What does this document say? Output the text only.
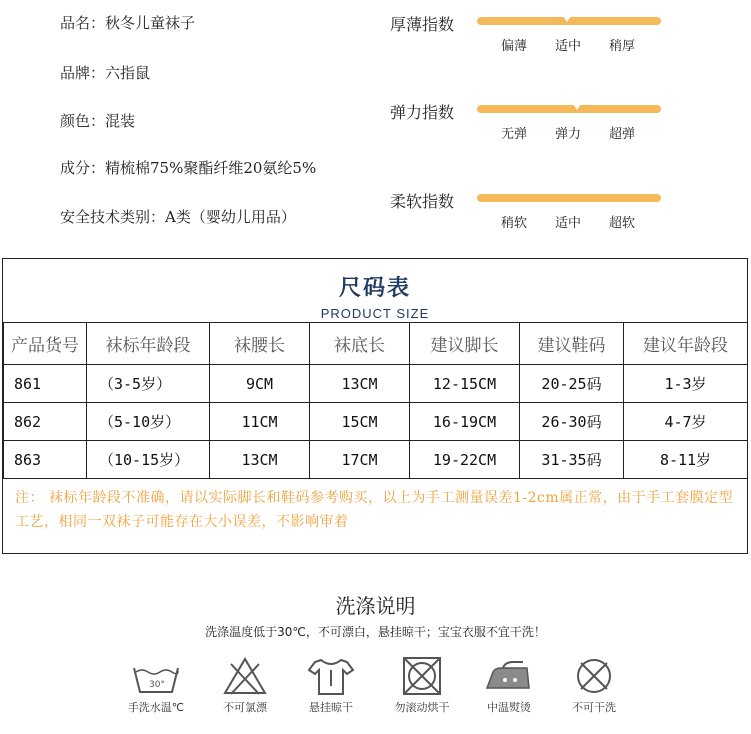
品名：秋冬儿童袜子
品牌：六指鼠
颜色：混装
成分：精梳棉75%聚酯纤维20氨纶5%
安全技术类别：A类（婴幼儿用品）
厚薄指数
偏薄 适中 稍厚
弹力指数
无弹 弹力 超弹
柔软指数
稍软 适中 超软
尺码表
PRODUCT SIZE
产品货号	袜标年龄段	袜腰长	袜底长	建议脚长	建议鞋码	建议年龄段
861	（3-5岁）	9CM	13CM	12-15CM	20-25码	1-3岁
862	（5-10岁）	11CM	15CM	16-19CM	26-30码	4-7岁
863	（10-15岁）	13CM	17CM	19-22CM	31-35码	8-11岁
注： 袜标年龄段不准确，请以实际脚长和鞋码参考购买，以上为手工测量误差1-2cm属正常，由于手工套膜定型工艺，相同一双袜子可能存在大小误差，不影响审着
洗涤说明
洗涤温度低于30℃，不可漂白，悬挂晾干；宝宝衣服不宜干洗！
30°
手洗水温℃	不可氯漂	悬挂晾干	勿滚动烘干	中温熨烫	不可干洗
